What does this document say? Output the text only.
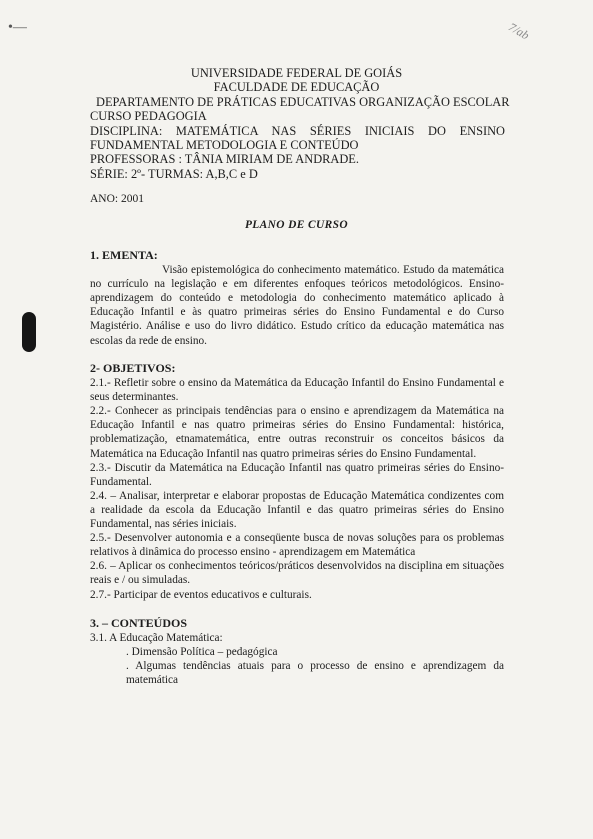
•—	7/ab
UNIVERSIDADE FEDERAL DE GOIÁS
FACULDADE DE EDUCAÇÃO
DEPARTAMENTO DE PRÁTICAS EDUCATIVAS ORGANIZAÇÃO ESCOLAR
CURSO PEDAGOGIA
DISCIPLINA: MATEMÁTICA NAS SÉRIES INICIAIS DO ENSINO
FUNDAMENTAL METODOLOGIA E CONTEÚDO
PROFESSORAS : TÂNIA MIRIAM DE ANDRADE.
SÉRIE: 2º- TURMAS: A,B,C e D
ANO: 2001
PLANO DE CURSO
1. EMENTA:

Visão epistemológica do conhecimento matemático. Estudo da matemática no currículo na legislação e em diferentes enfoques teóricos metodológicos. Ensino-aprendizagem do conteúdo e metodologia do conhecimento matemático aplicado à Educação Infantil e às quatro primeiras séries do Ensino Fundamental e do Curso Magistério. Análise e uso do livro didático. Estudo crítico da educação matemática nas escolas da rede de ensino.

2- OBJETIVOS:

2.1.- Refletir sobre o ensino da Matemática da Educação Infantil do Ensino Fundamental e seus determinantes.

2.2.- Conhecer as principais tendências para o ensino e aprendizagem da Matemática na Educação Infantil e nas quatro primeiras séries do Ensino Fundamental: histórica, problematização, etnamatemática, entre outras reconstruir os conceitos básicos da Matemática na Educação Infantil nas quatro primeiras séries do Ensino Fundamental.

2.3.- Discutir da Matemática na Educação Infantil nas quatro primeiras séries do Ensino- Fundamental.

2.4. – Analisar, interpretar e elaborar propostas de Educação Matemática condizentes com a realidade da escola da Educação Infantil e das quatro primeiras séries do Ensino Fundamental, nas séries iniciais.

2.5.- Desenvolver autonomia e a conseqüente busca de novas soluções para os problemas relativos à dinâmica do processo ensino - aprendizagem em Matemática

2.6. – Aplicar os conhecimentos teóricos/práticos desenvolvidos na disciplina em situações reais e / ou simuladas.

2.7.- Participar de eventos educativos e culturais.

3. – CONTEÚDOS

3.1. A Educação Matemática:

. Dimensão Política – pedagógica

. Algumas tendências atuais para o processo de ensino e aprendizagem da matemática
